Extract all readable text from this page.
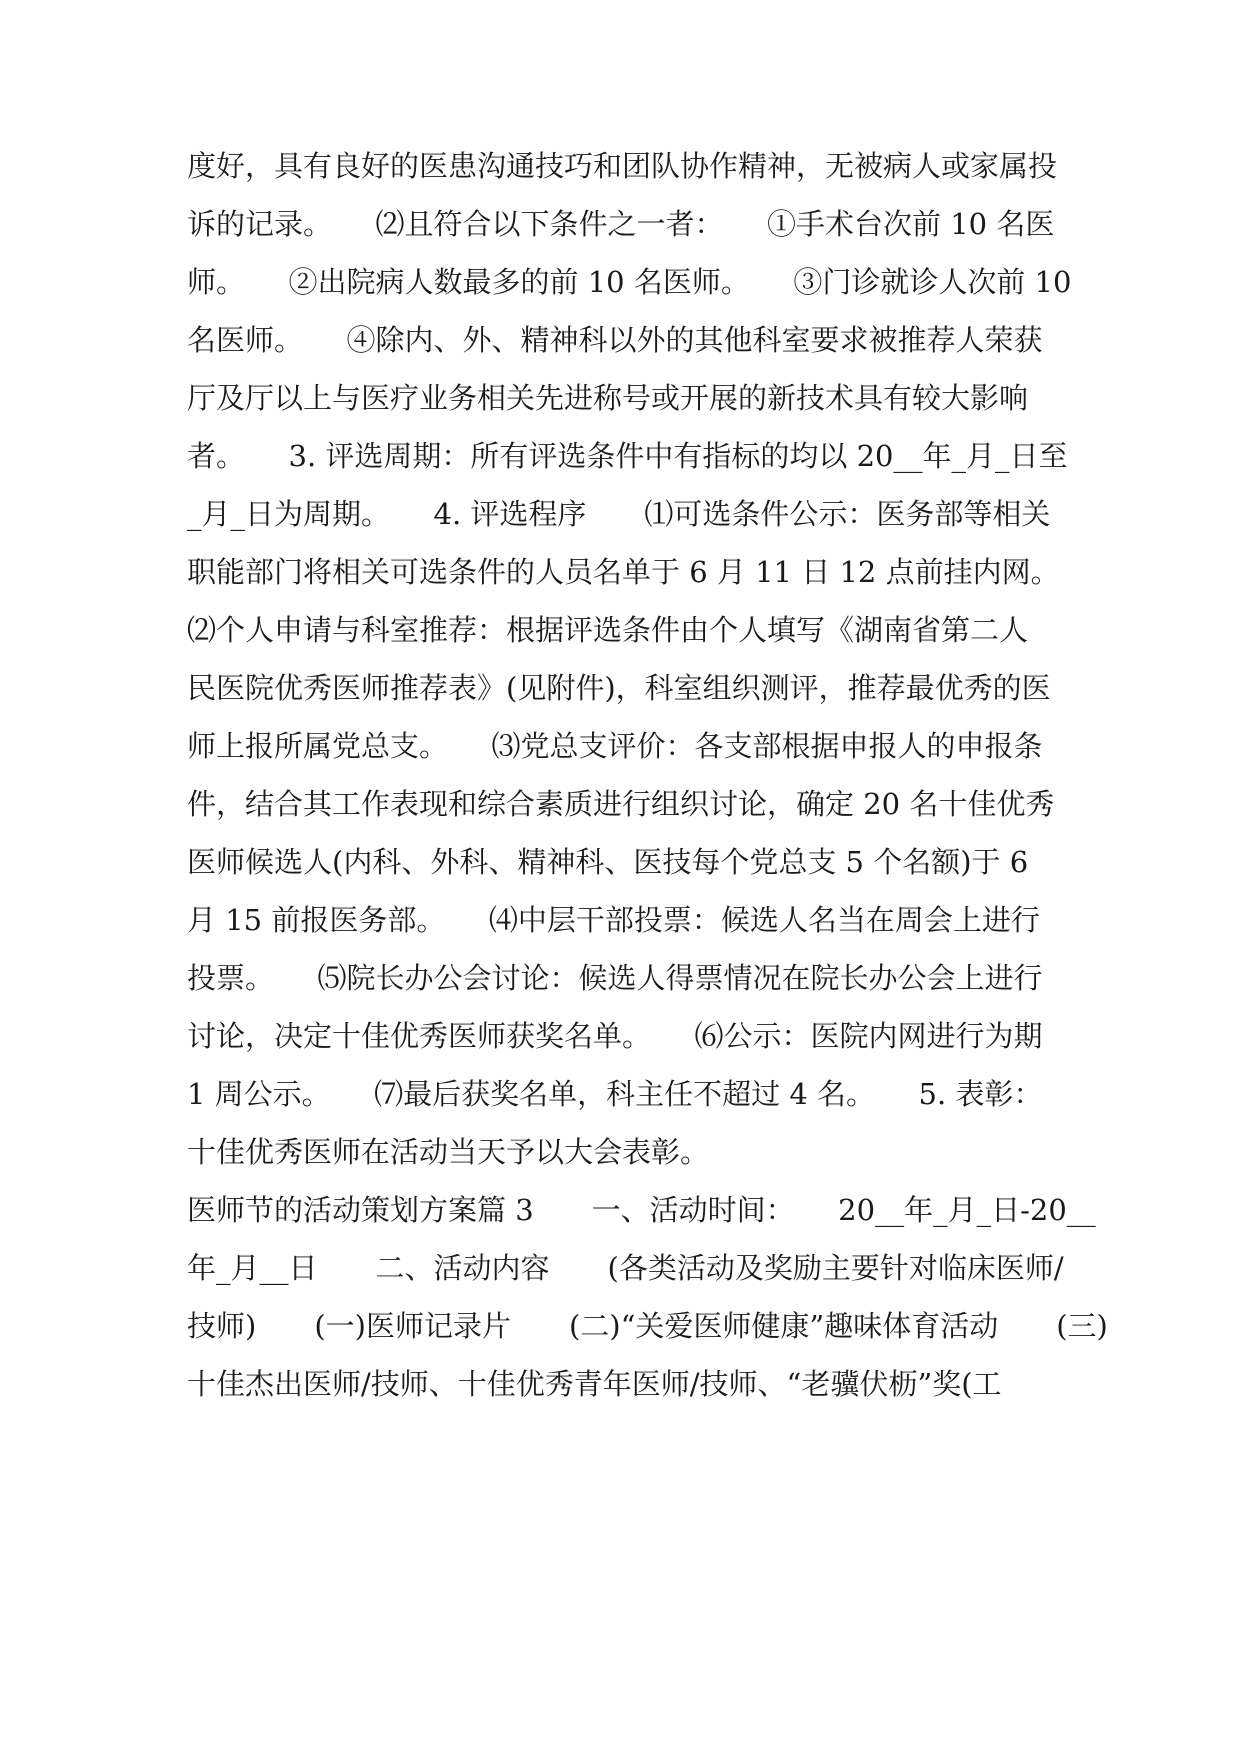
度好，具有良好的医患沟通技巧和团队协作精神，无被病人或家属投
诉的记录。　　⑵且符合以下条件之一者：　　①手术台次前 10 名医
师。　　②出院病人数最多的前 10 名医师。　　③门诊就诊人次前 10
名医师。　　④除内、外、精神科以外的其他科室要求被推荐人荣获
厅及厅以上与医疗业务相关先进称号或开展的新技术具有较大影响
者。　　3. 评选周期：所有评选条件中有指标的均以 20__年_月_日至
_月_日为周期。　　4. 评选程序　　⑴可选条件公示：医务部等相关
职能部门将相关可选条件的人员名单于 6 月 11 日 12 点前挂内网。
⑵个人申请与科室推荐：根据评选条件由个人填写《湖南省第二人
民医院优秀医师推荐表》(见附件)，科室组织测评，推荐最优秀的医
师上报所属党总支。　　⑶党总支评价：各支部根据申报人的申报条
件，结合其工作表现和综合素质进行组织讨论，确定 20 名十佳优秀
医师候选人(内科、外科、精神科、医技每个党总支 5 个名额)于 6
月 15 前报医务部。　　⑷中层干部投票：候选人名当在周会上进行
投票。　　⑸院长办公会讨论：候选人得票情况在院长办公会上进行
讨论，决定十佳优秀医师获奖名单。　　⑹公示：医院内网进行为期
1 周公示。　　⑺最后获奖名单，科主任不超过 4 名。　　5. 表彰：
十佳优秀医师在活动当天予以大会表彰。
医师节的活动策划方案篇 3　　一、活动时间：　　20__年_月_日-20__
年_月__日　　二、活动内容　　(各类活动及奖励主要针对临床医师/
技师)　　(一)医师记录片　　(二)“关爱医师健康”趣味体育活动　　(三)
十佳杰出医师/技师、十佳优秀青年医师/技师、“老骥伏枥”奖(工
